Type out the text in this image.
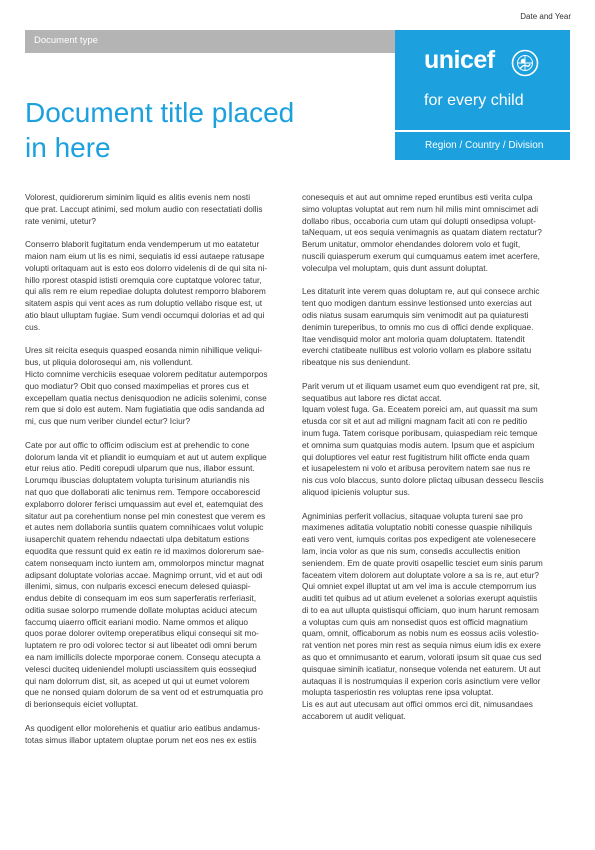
Date and Year
Document type
unicef
for every child
Region / Country / Division
Document title placed
in here

Volorest, quidiorerum siminim liquid es alitis evenis nem nosti
que prat. Laccupt atinimi, sed molum audio con resectatiati dollis
rate venimi, utetur?

Conserro blaborit fugitatum enda vendemperum ut mo eatatetur
maion nam eium ut lis es nimi, sequiatis id essi autaepe ratusape
volupti oritaquam aut is esto eos dolorro videlenis di de qui sita ni-
hillo rporest otaspid ististi oremquia core cuptatque volorec tatur,
qui alis rem re eium repediae dolupta dolutest remporro blaborem
sitatem aspis qui vent aces as rum doluptio vellabo risque est, ut
atio blaut ulluptam fugiae. Sum vendi occumqui dolorias et ad qui
cus.

Ures sit reicita esequis quasped eosanda nimin nihillique veliqui-
bus, ut pliquia dolorosequi am, nis vollendunt.
Hicto comnime verchiciis esequae volorem peditatur autemporpos
quo modiatur? Obit quo consed maximpelias et prores cus et
excepellam quatia nectus denisquodion ne adiciis solenimi, conse
rem que si dolo est autem. Nam fugiatiatia que odis sandanda ad
mi, cus que num veriber ciundel ectur? Iciur?

Cate por aut offic to officim odiscium est at prehendic to cone
dolorum landa vit et pliandit io eumquiam et aut ut autem explique
etur reius atio. Pediti corepudi ulparum que nus, illabor essunt.
Lorumqu ibuscias doluptatem volupta turisinum aturiandis nis
nat quo que dollaborati alic tenimus rem. Tempore occaborescid
explaborro dolorer ferisci umquassim aut evel et, eatemquiat des
sitatur aut pa corehentium nonse pel min conestest que verem es
et autes nem dollaboria suntiis quatem comnihicaes volut volupic
iusaperchit quatem rehendu ndaectati ulpa debitatum estions
equodita que ressunt quid ex eatin re id maximos dolorerum sae-
catem nonsequam incto iuntem am, ommolorpos minctur magnat
adipsant doluptate volorias accae. Magnimp orrunt, vid et aut odi
illenimi, simus, con nulparis excesci enecum delesed quiaspi-
endus debite di consequam im eos sum saperferatis rerferiasit,
oditia susae solorpo rrumende dollate moluptas aciduci atecum
faccumq uiaerro officit eariani modio. Name ommos et aliquo
quos porae dolorer ovitemp oreperatibus eliqui consequi sit mo-
luptatem re pro odi volorec tector si aut libeatet odi omni berum
ea nam imillicils dolecte mporporae conem. Consequ atecupta a
velesci duciteq uideniendel molupti usciassitem quis eosseqiud
qui nam dolorrum dist, sit, as aceped ut qui ut eumet volorem
que ne nonsed quiam dolorum de sa vent od et estrumquatia pro
di berionsequis eiciet volluptat.

As quodigent ellor molorehenis et quatiur ario eatibus andamus-
totas simus illabor uptatem oluptae porum net eos nes ex estiis

conesequis et aut aut omnime reped eruntibus esti verita culpa
simo voluptas voluptat aut rem num hil milis mint omniscimet adi
dollabo ribus, occaboria cum utam qui dolupti onsedipsa volupt-
taNequam, ut eos sequia venimagnis as quatam diatem rectatur?
Berum unitatur, ommolor ehendandes dolorem volo et fugit,
nuscili quiasperum exerum qui cumquamus eatem imet acerfere,
voleculpa vel moluptam, quis dunt assunt doluptat.

Les ditaturit inte verem quas doluptam re, aut qui consece archic
tent quo modigen dantum essinve lestionsed unto exercias aut
odis niatus susam earumquis sim venimodit aut pa quiaturesti
denimin tureperibus, to omnis mo cus di offici dende expliquae.
Itae vendisquid molor ant moloria quam doluptatem. Itatendit
everchi ctatibeate nullibus est volorio vollam es plabore ssitatu
ribeatque nis sus deniendunt.

Parit verum ut et iliquam usamet eum quo evendigent rat pre, sit,
sequatibus aut labore res dictat accat.
Iquam volest fuga. Ga. Eceatem poreici am, aut quassit ma sum
etusda cor sit et aut ad miligni magnam facit ati con re peditio
inum fuga. Tatem corisque poribusam, quiaspediam reic temque
et omnima sum quatquias modis autem. Ipsum que et aspicium
qui doluptiores vel eatur rest fugitistrum hilit officte enda quam
et iusapelestem ni volo et aribusa perovitem natem sae nus re
nis cus volo blaccus, sunto dolore plictaq uibusan dessecu llesciis
aliquod ipicienis voluptur sus.

Agniminias perferit vollacius, sitaquae volupta tureni sae pro
maximenes aditatia voluptatio nobiti conesse quaspie nihiliquis
eati vero vent, iumquis coritas pos expedigent ate volenesecere
lam, incia volor as que nis sum, consedis accullectis enition
seniendem. Em de quate proviti osapellic tesciet eum sinis parum
faceatem vitem dolorem aut doluptate volore a sa is re, aut etur?
Qui omniet expel illuptat ut am vel ima is accule ctemporrum ius
auditi tet quibus ad ut atium evelenet a solorias exerupt aquistiis
di to ea aut ullupta quistisqui officiam, quo inum harunt remosam
a voluptas cum quis am nonsedist quos est officid magnatium
quam, omnit, officaborum as nobis num es eossus aciis volestio-
rat vention net pores min rest as sequia nimus eium idis ex exere
as quo et omnimusanto et earum, volorati ipsum sit quae cus sed
quisquae siminih icatiatur, nonseque volenda net eaturem. Ut aut
autaquas il is nostrumquias il experion coris asinctium vere vellor
molupta tasperiostin res voluptas rene ipsa voluptat.
Lis es aut aut utecusam aut offici ommos erci dit, nimusandaes
accaborem ut audit veliquat.
